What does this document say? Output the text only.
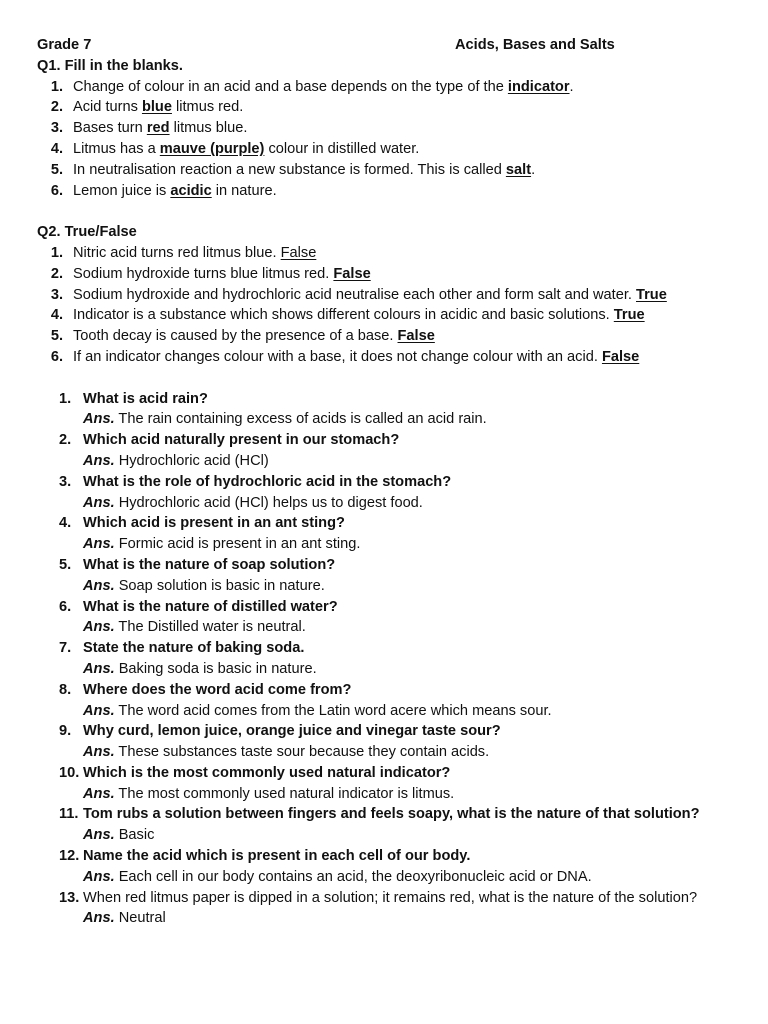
Grade 7	Acids, Bases and Salts
Q1. Fill in the blanks.
1. Change of colour in an acid and a base depends on the type of the indicator.
2. Acid turns blue litmus red.
3. Bases turn red litmus blue.
4. Litmus has a mauve (purple) colour in distilled water.
5. In neutralisation reaction a new substance is formed. This is called salt.
6. Lemon juice is acidic in nature.
Q2. True/False
1. Nitric acid turns red litmus blue. False
2. Sodium hydroxide turns blue litmus red. False
3. Sodium hydroxide and hydrochloric acid neutralise each other and form salt and water. True
4. Indicator is a substance which shows different colours in acidic and basic solutions. True
5. Tooth decay is caused by the presence of a base. False
6. If an indicator changes colour with a base, it does not change colour with an acid. False
1. What is acid rain?
Ans. The rain containing excess of acids is called an acid rain.
2. Which acid naturally present in our stomach?
Ans. Hydrochloric acid (HCl)
3. What is the role of hydrochloric acid in the stomach?
Ans. Hydrochloric acid (HCl) helps us to digest food.
4. Which acid is present in an ant sting?
Ans. Formic acid is present in an ant sting.
5. What is the nature of soap solution?
Ans. Soap solution is basic in nature.
6. What is the nature of distilled water?
Ans. The Distilled water is neutral.
7. State the nature of baking soda.
Ans. Baking soda is basic in nature.
8. Where does the word acid come from?
Ans. The word acid comes from the Latin word acere which means sour.
9. Why curd, lemon juice, orange juice and vinegar taste sour?
Ans. These substances taste sour because they contain acids.
10. Which is the most commonly used natural indicator?
Ans. The most commonly used natural indicator is litmus.
11. Tom rubs a solution between fingers and feels soapy, what is the nature of that solution?
Ans. Basic
12. Name the acid which is present in each cell of our body.
Ans. Each cell in our body contains an acid, the deoxyribonucleic acid or DNA.
13. When red litmus paper is dipped in a solution; it remains red, what is the nature of the solution? Ans. Neutral
